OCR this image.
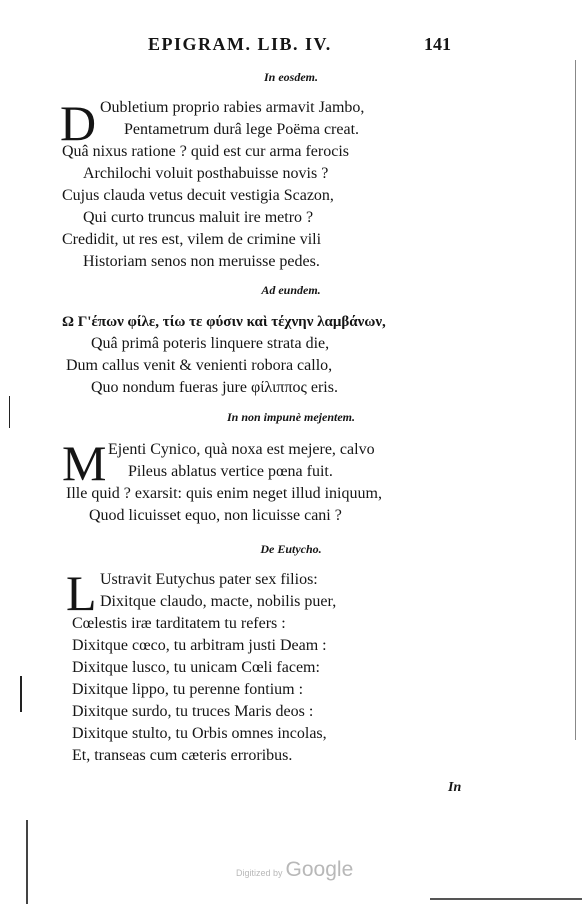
EPIGRAM. LIB. IV.	141
In eosdem.
D Oubletium proprio rabies armavit Jambo,
Pentametrum durâ lege Poëma creat.
Quâ nixus ratione ? quid est cur arma ferocis
Archilochi voluit posthabuisse novis ?
Cujus clauda vetus decuit vestigia Scazon,
Qui curto truncus maluit ire metro ?
Credidit, ut res est, vilem de crimine vili
Historiam senos non meruisse pedes.
Ad eundem.
Ω Γ'έπων φίλε, τίω τε φύσιν καὶ τέχνην λαμβάνων,
Quâ primâ poteris linquere strata die,
Dum callus venit & venienti robora callo,
Quo nondum fueras jure φίλιππος eris.
In non impunè mejentem.
M Ejenti Cynico, quà noxa est mejere, calvo
Pileus ablatus vertice pœna fuit.
Ille quid ? exarsit: quis enim neget illud iniquum,
Quod licuisset equo, non licuisse cani ?
De Eutycho.
L Ustravit Eutychus pater sex filios:
Dixitque claudo, macte, nobilis puer,
Cœlestis iræ tarditatem tu refers :
Dixitque cœco, tu arbitram justi Deam :
Dixitque lusco, tu unicam Cœli facem:
Dixitque lippo, tu perenne fontium :
Dixitque surdo, tu truces Maris deos :
Dixitque stulto, tu Orbis omnes incolas,
Et, transeas cum cæteris erroribus.
In
Digitized by Google
